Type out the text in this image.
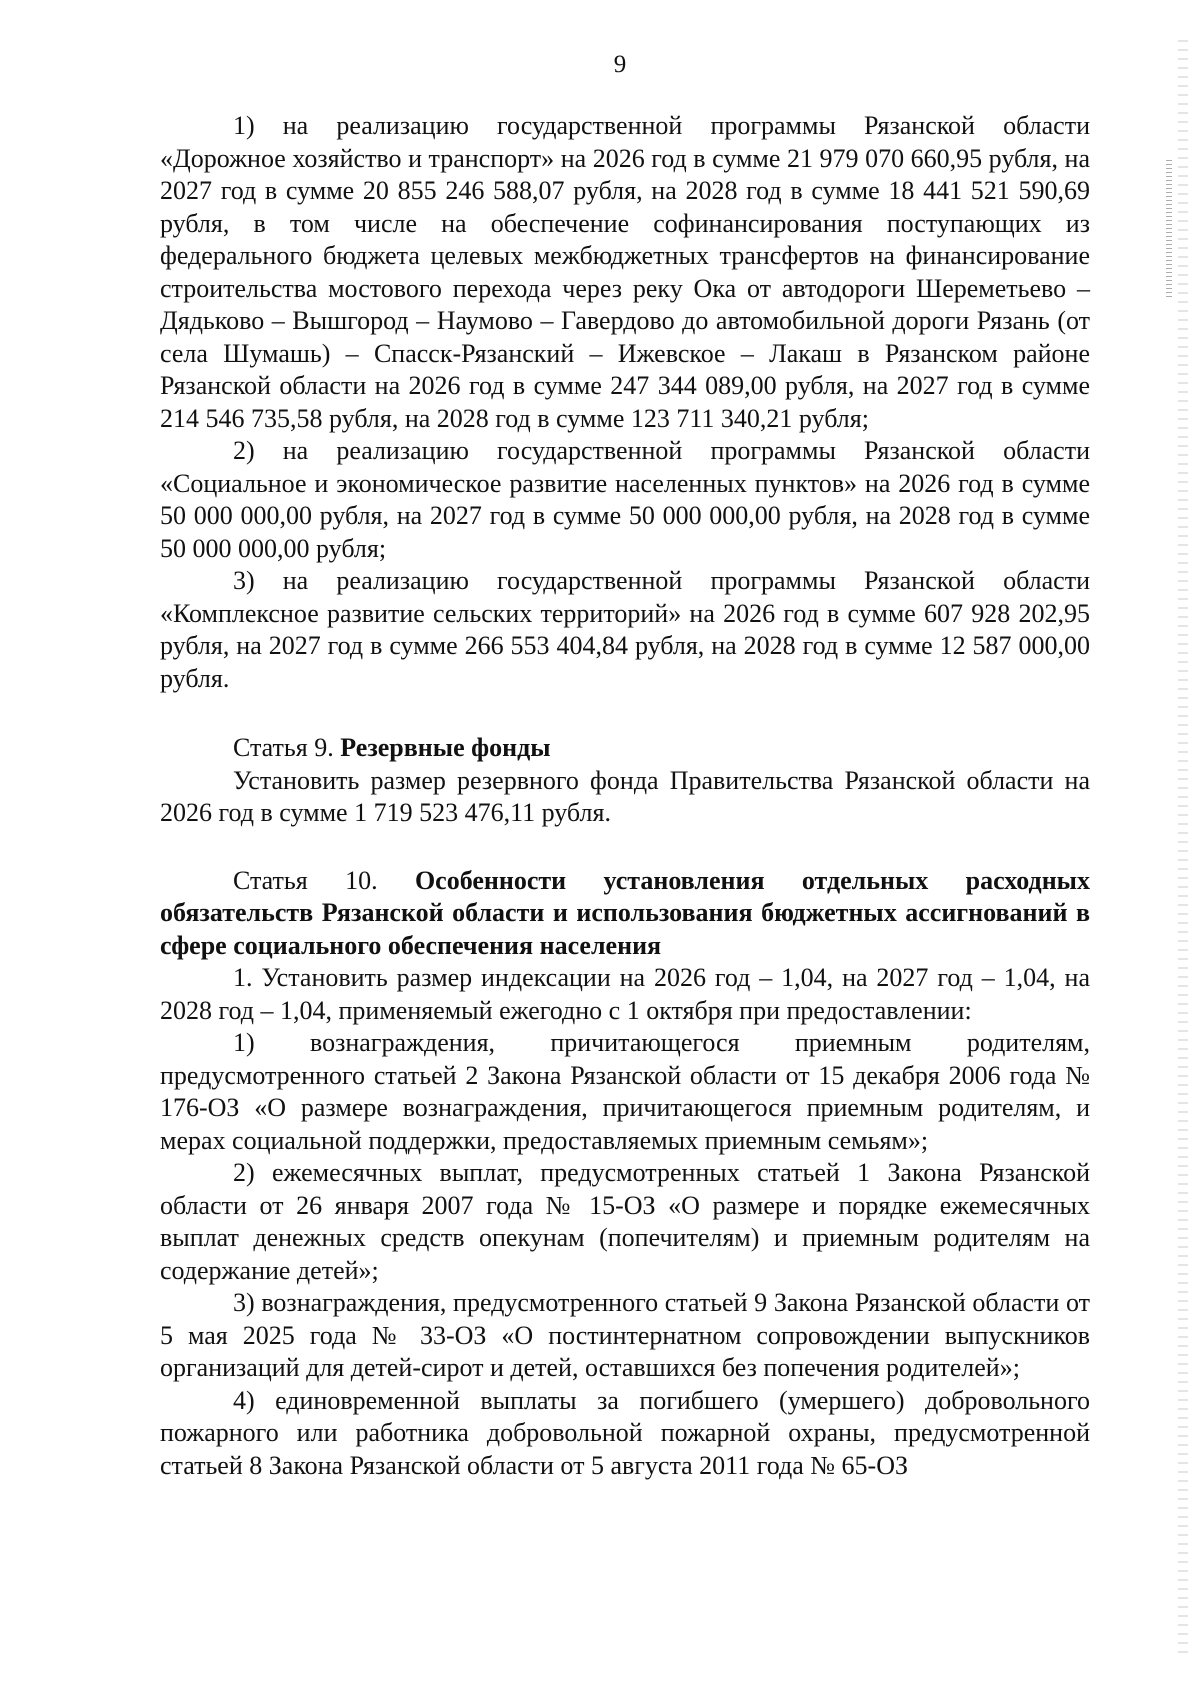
9

1) на реализацию государственной программы Рязанской области «Дорожное хозяйство и транспорт» на 2026 год в сумме 21 979 070 660,95 рубля, на 2027 год в сумме 20 855 246 588,07 рубля, на 2028 год в сумме 18 441 521 590,69 рубля, в том числе на обеспечение софинансирования поступающих из федерального бюджета целевых межбюджетных трансфертов на финансирование строительства мостового перехода через реку Ока от автодороги Шереметьево – Дядьково – Вышгород – Наумово – Гавердово до автомобильной дороги Рязань (от села Шумашь) – Спасск-Рязанский – Ижевское – Лакаш в Рязанском районе Рязанской области на 2026 год в сумме 247 344 089,00 рубля, на 2027 год в сумме 214 546 735,58 рубля, на 2028 год в сумме 123 711 340,21 рубля;

2) на реализацию государственной программы Рязанской области «Социальное и экономическое развитие населенных пунктов» на 2026 год в сумме 50 000 000,00 рубля, на 2027 год в сумме 50 000 000,00 рубля, на 2028 год в сумме 50 000 000,00 рубля;

3) на реализацию государственной программы Рязанской области «Комплексное развитие сельских территорий» на 2026 год в сумме 607 928 202,95 рубля, на 2027 год в сумме 266 553 404,84 рубля, на 2028 год в сумме 12 587 000,00 рубля.

Статья 9. Резервные фонды

Установить размер резервного фонда Правительства Рязанской области на 2026 год в сумме 1 719 523 476,11 рубля.

Статья 10. Особенности установления отдельных расходных обязательств Рязанской области и использования бюджетных ассигнований в сфере социального обеспечения населения

1. Установить размер индексации на 2026 год – 1,04, на 2027 год – 1,04, на 2028 год – 1,04, применяемый ежегодно с 1 октября при предоставлении:

1) вознаграждения, причитающегося приемным родителям, предусмотренного статьей 2 Закона Рязанской области от 15 декабря 2006 года № 176-ОЗ «О размере вознаграждения, причитающегося приемным родителям, и мерах социальной поддержки, предоставляемых приемным семьям»;

2) ежемесячных выплат, предусмотренных статьей 1 Закона Рязанской области от 26 января 2007 года № 15-ОЗ «О размере и порядке ежемесячных выплат денежных средств опекунам (попечителям) и приемным родителям на содержание детей»;

3) вознаграждения, предусмотренного статьей 9 Закона Рязанской области от 5 мая 2025 года № 33-ОЗ «О постинтернатном сопровождении выпускников организаций для детей-сирот и детей, оставшихся без попечения родителей»;

4) единовременной выплаты за погибшего (умершего) добровольного пожарного или работника добровольной пожарной охраны, предусмотренной статьей 8 Закона Рязанской области от 5 августа 2011 года № 65-ОЗ
